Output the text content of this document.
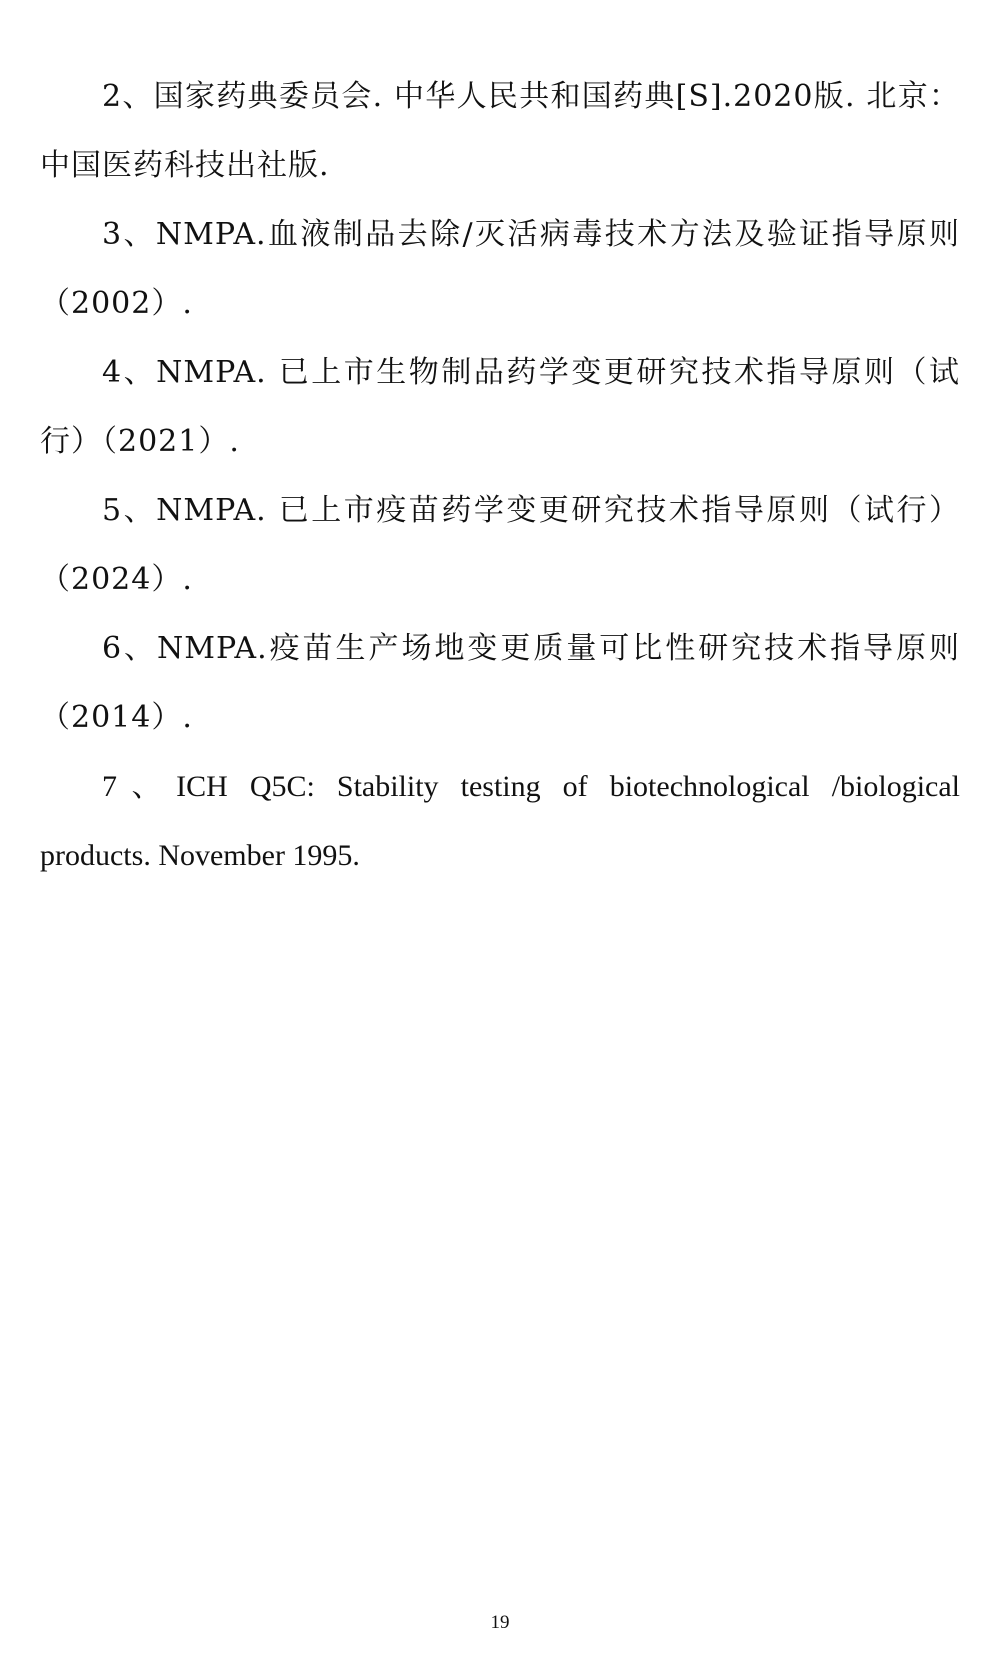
2、国家药典委员会. 中华人民共和国药典[S].2020版. 北京：中国医药科技出社版.

3、NMPA.血液制品去除/灭活病毒技术方法及验证指导原则（2002）.

4、NMPA. 已上市生物制品药学变更研究技术指导原则（试行）（2021）.

5、NMPA. 已上市疫苗药学变更研究技术指导原则（试行）（2024）.

6、NMPA.疫苗生产场地变更质量可比性研究技术指导原则（2014）.

7、ICH Q5C: Stability testing of biotechnological /biological products. November 1995.

19
